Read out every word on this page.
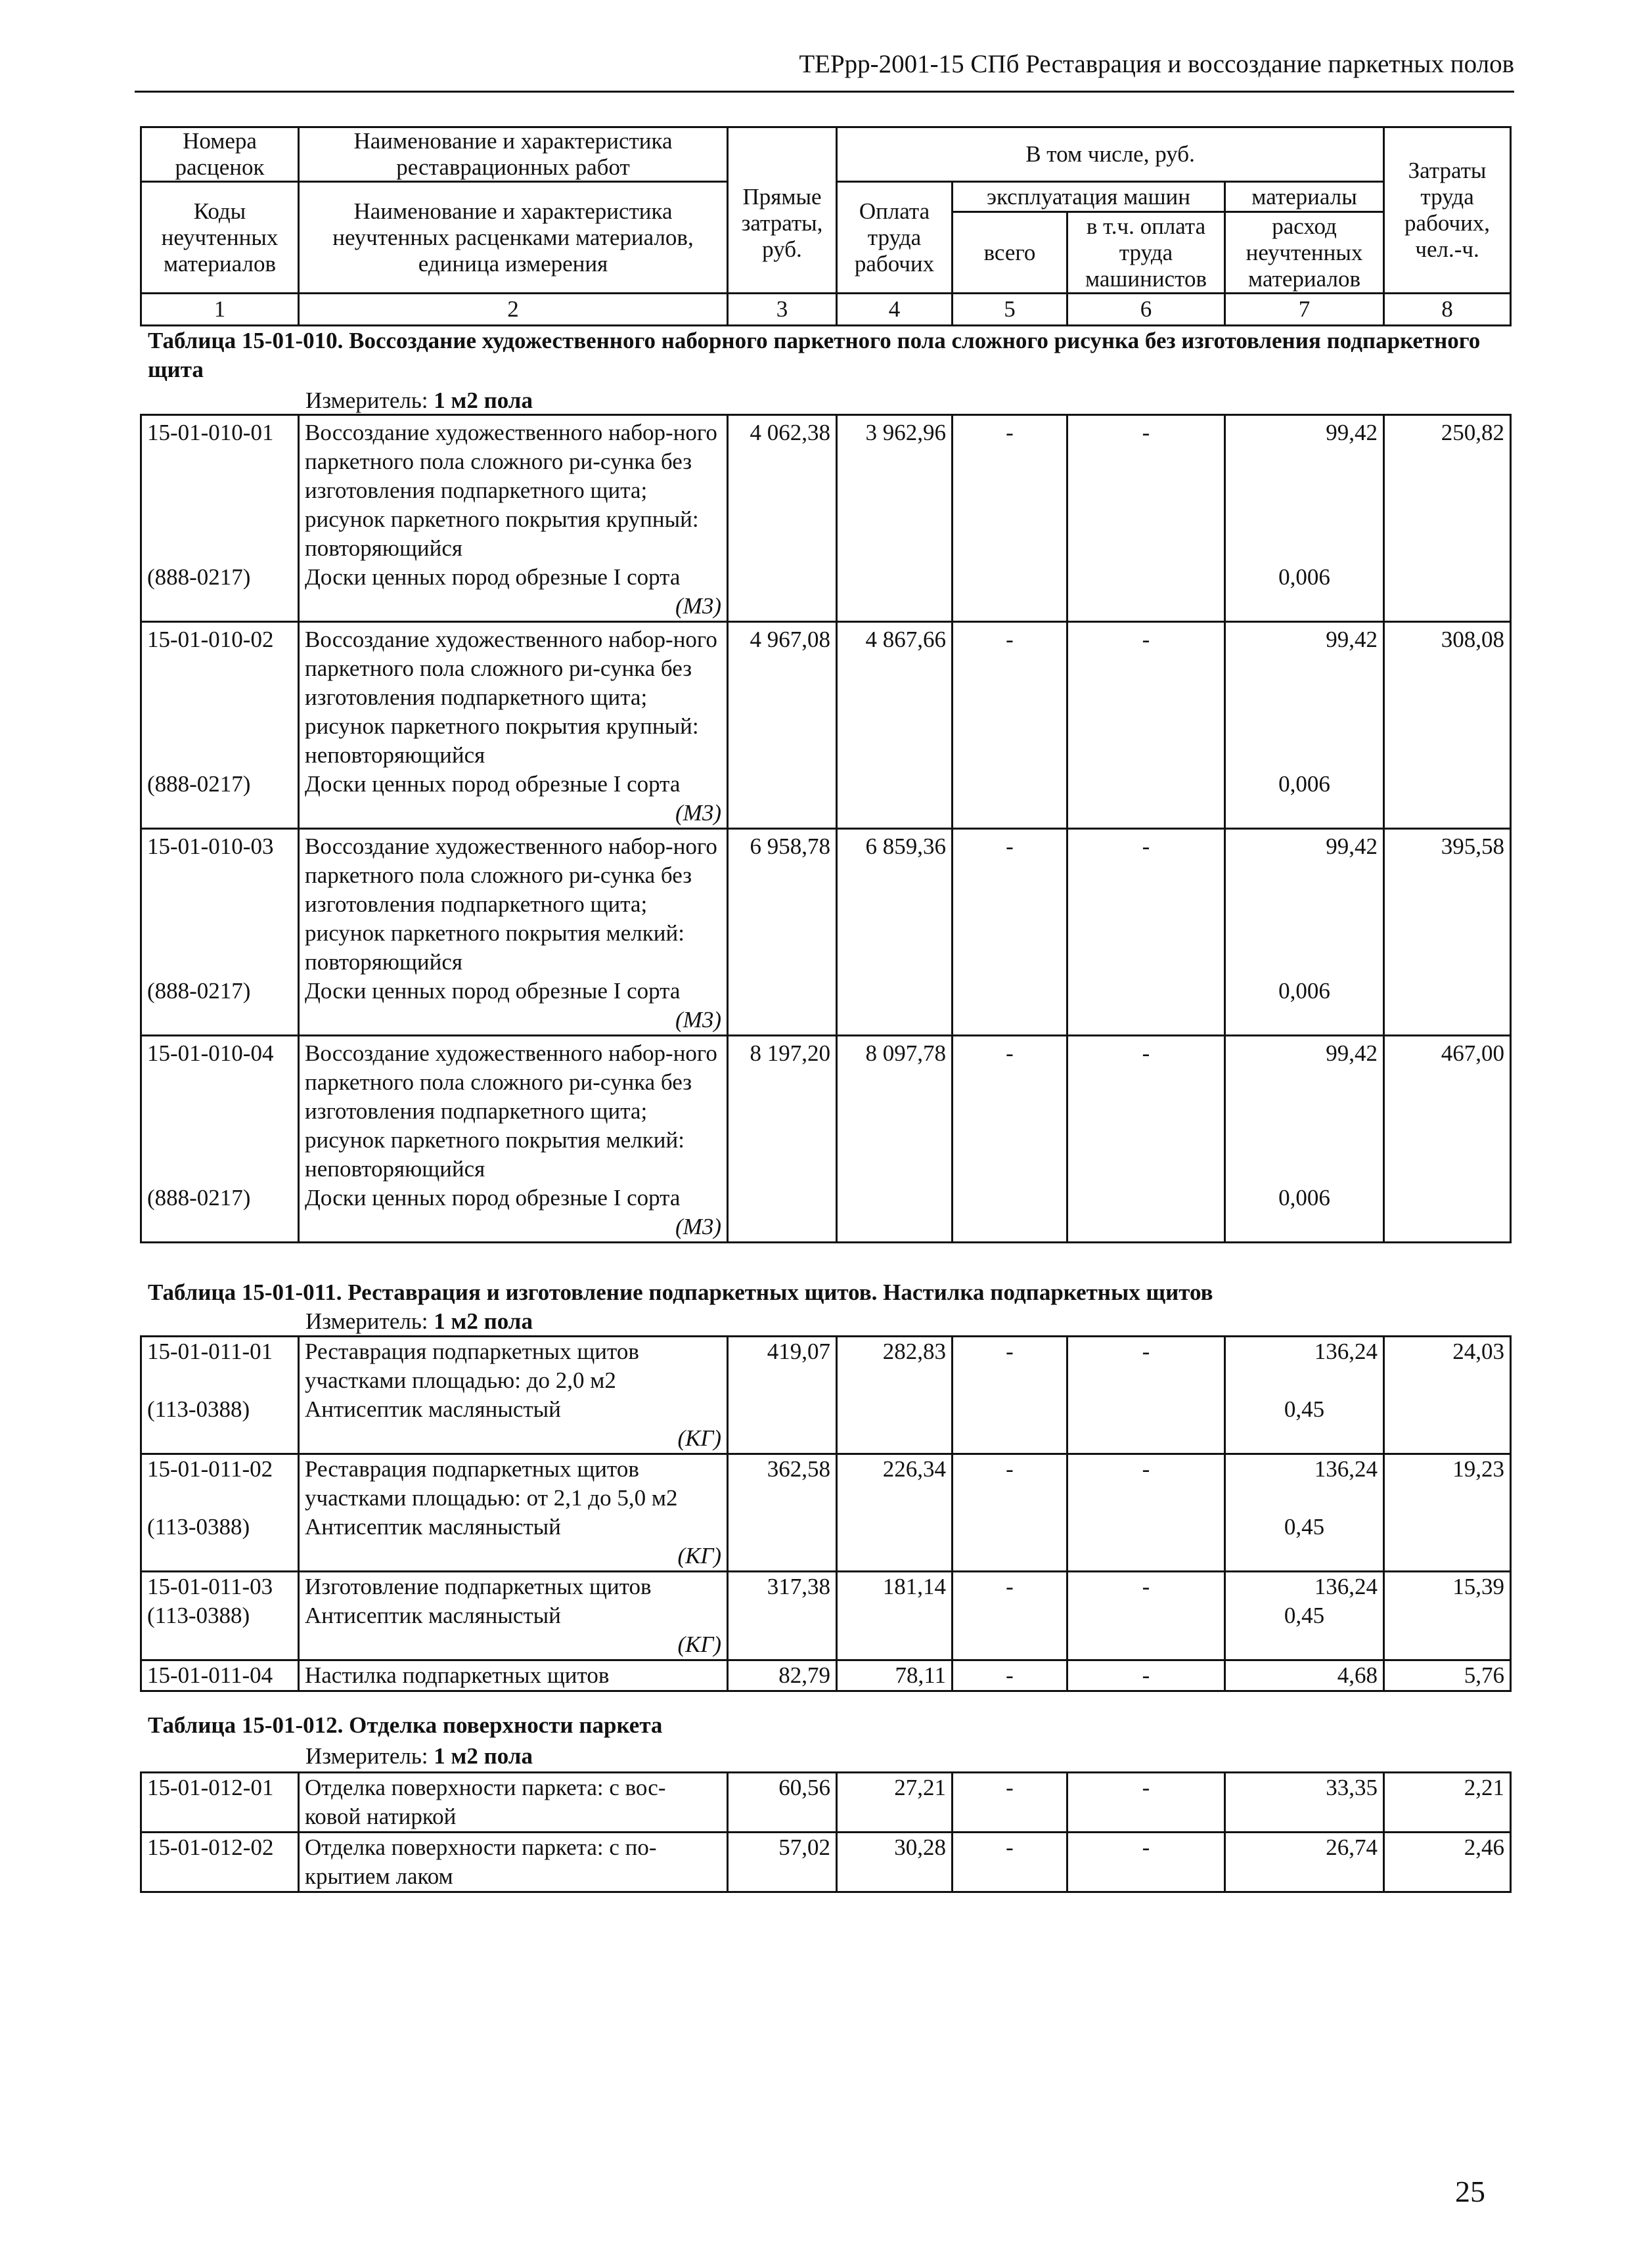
ТЕРрр-2001-15 СПб Реставрация и воссоздание паркетных полов
Номера расценок	Наименование и характеристика реставрационных работ	Прямые затраты, руб.	В том числе, руб.				Затраты труда рабочих, чел.-ч.
Коды неучтенных материалов	Наименование и характеристика неучтенных расценками материалов, единица измерения		Оплата труда рабочих	эксплуатация машин		материалы	
				всего	в т.ч. оплата труда машинистов	расход неучтенных материалов	
1	2	3	4	5	6	7	8
Таблица 15-01-010. Воссоздание художественного наборного паркетного пола сложного рисунка без изготовления подпаркетного щита
Измеритель: 1 м2 пола
15-01-010-01	Воссоздание художественного набор-ного паркетного пола сложного ри-сунка без изготовления подпаркетного щита; рисунок паркетного покрытия крупный: повторяющийся	4 062,38	3 962,96	-	-	99,42	250,82
(888-0217)	Доски ценных пород обрезные I сорта
(М3)					0,006	
15-01-010-02	Воссоздание художественного набор-ного паркетного пола сложного ри-сунка без изготовления подпаркетного щита; рисунок паркетного покрытия крупный: неповторяющийся	4 967,08	4 867,66	-	-	99,42	308,08
(888-0217)	Доски ценных пород обрезные I сорта
(М3)					0,006	
15-01-010-03	Воссоздание художественного набор-ного паркетного пола сложного ри-сунка без изготовления подпаркетного щита; рисунок паркетного покрытия мелкий: повторяющийся	6 958,78	6 859,36	-	-	99,42	395,58
(888-0217)	Доски ценных пород обрезные I сорта
(М3)					0,006	
15-01-010-04	Воссоздание художественного набор-ного паркетного пола сложного ри-сунка без изготовления подпаркетного щита; рисунок паркетного покрытия мелкий: неповторяющийся	8 197,20	8 097,78	-	-	99,42	467,00
(888-0217)	Доски ценных пород обрезные I сорта
(М3)					0,006	
Таблица 15-01-011. Реставрация и изготовление подпаркетных щитов. Настилка подпаркетных щитов
Измеритель: 1 м2 пола
15-01-011-01	Реставрация подпаркетных щитов участками площадью: до 2,0 м2	419,07	282,83	-	-	136,24	24,03
(113-0388)	Антисептик масляныстый
(КГ)					0,45	
15-01-011-02	Реставрация подпаркетных щитов участками площадью: от 2,1 до 5,0 м2	362,58	226,34	-	-	136,24	19,23
(113-0388)	Антисептик масляныстый
(КГ)					0,45	
15-01-011-03	Изготовление подпаркетных щитов	317,38	181,14	-	-	136,24	15,39
(113-0388)	Антисептик масляныстый
(КГ)					0,45	
15-01-011-04	Настилка подпаркетных щитов	82,79	78,11	-	-	4,68	5,76
Таблица 15-01-012. Отделка поверхности паркета
Измеритель: 1 м2 пола
15-01-012-01	Отделка поверхности паркета: с вос-ковой натиркой	60,56	27,21	-	-	33,35	2,21
15-01-012-02	Отделка поверхности паркета: с по-крытием лаком	57,02	30,28	-	-	26,74	2,46
25
